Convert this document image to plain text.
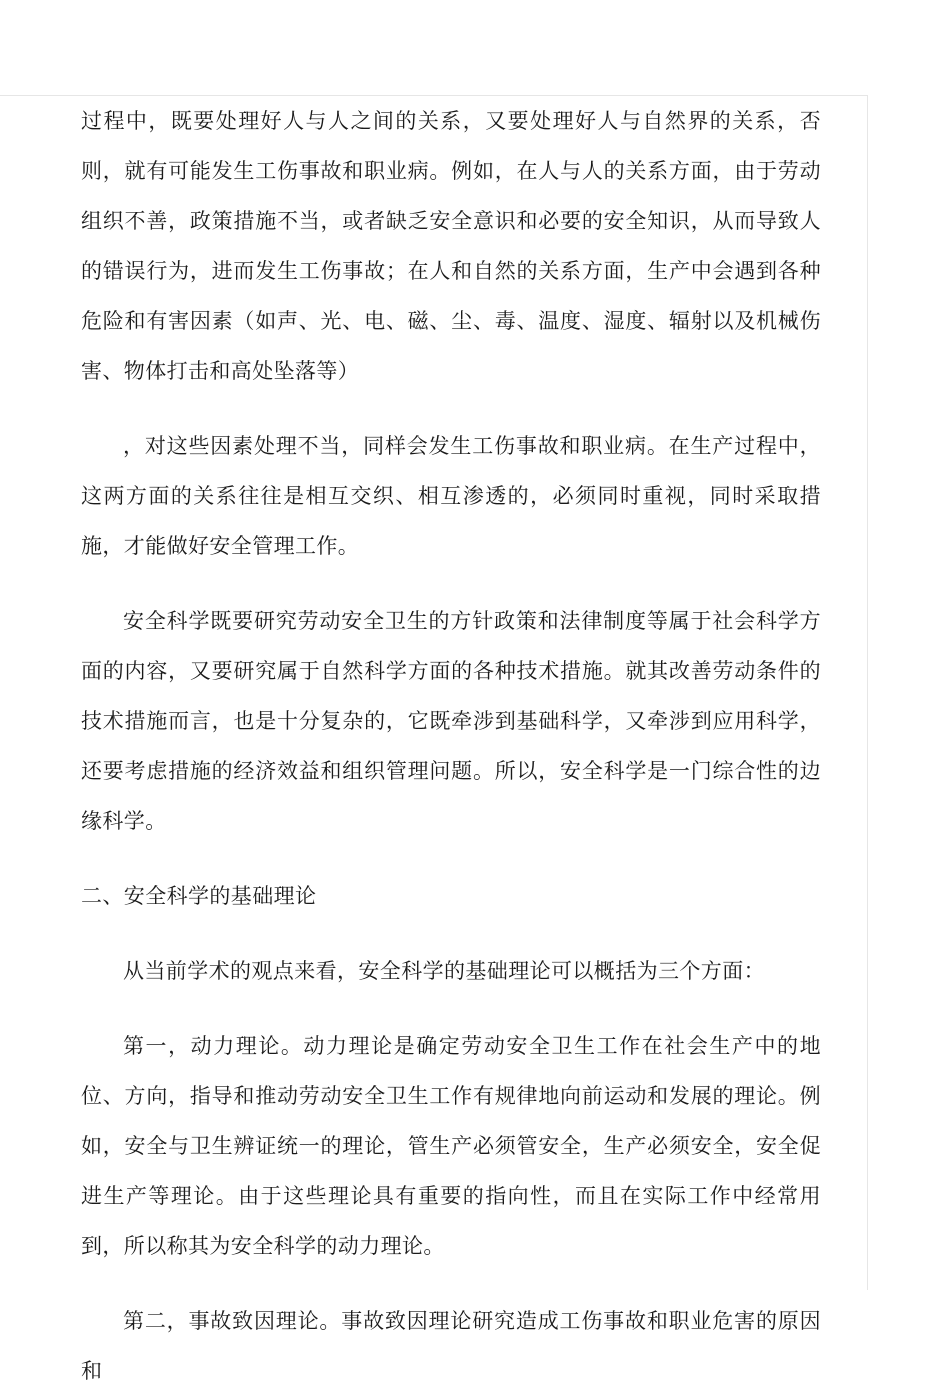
过程中，既要处理好人与人之间的关系，又要处理好人与自然界的关系，否则，就有可能发生工伤事故和职业病。例如，在人与人的关系方面，由于劳动组织不善，政策措施不当，或者缺乏安全意识和必要的安全知识，从而导致人的错误行为，进而发生工伤事故；在人和自然的关系方面，生产中会遇到各种危险和有害因素（如声、光、电、磁、尘、毒、温度、湿度、辐射以及机械伤害、物体打击和高处坠落等）

，对这些因素处理不当，同样会发生工伤事故和职业病。在生产过程中，这两方面的关系往往是相互交织、相互渗透的，必须同时重视，同时采取措施，才能做好安全管理工作。

安全科学既要研究劳动安全卫生的方针政策和法律制度等属于社会科学方面的内容，又要研究属于自然科学方面的各种技术措施。就其改善劳动条件的技术措施而言，也是十分复杂的，它既牵涉到基础科学，又牵涉到应用科学，还要考虑措施的经济效益和组织管理问题。所以，安全科学是一门综合性的边缘科学。

二、安全科学的基础理论

从当前学术的观点来看，安全科学的基础理论可以概括为三个方面：

第一，动力理论。动力理论是确定劳动安全卫生工作在社会生产中的地位、方向，指导和推动劳动安全卫生工作有规律地向前运动和发展的理论。例如，安全与卫生辨证统一的理论，管生产必须管安全，生产必须安全，安全促进生产等理论。由于这些理论具有重要的指向性，而且在实际工作中经常用到，所以称其为安全科学的动力理论。

第二，事故致因理论。事故致因理论研究造成工伤事故和职业危害的原因和
